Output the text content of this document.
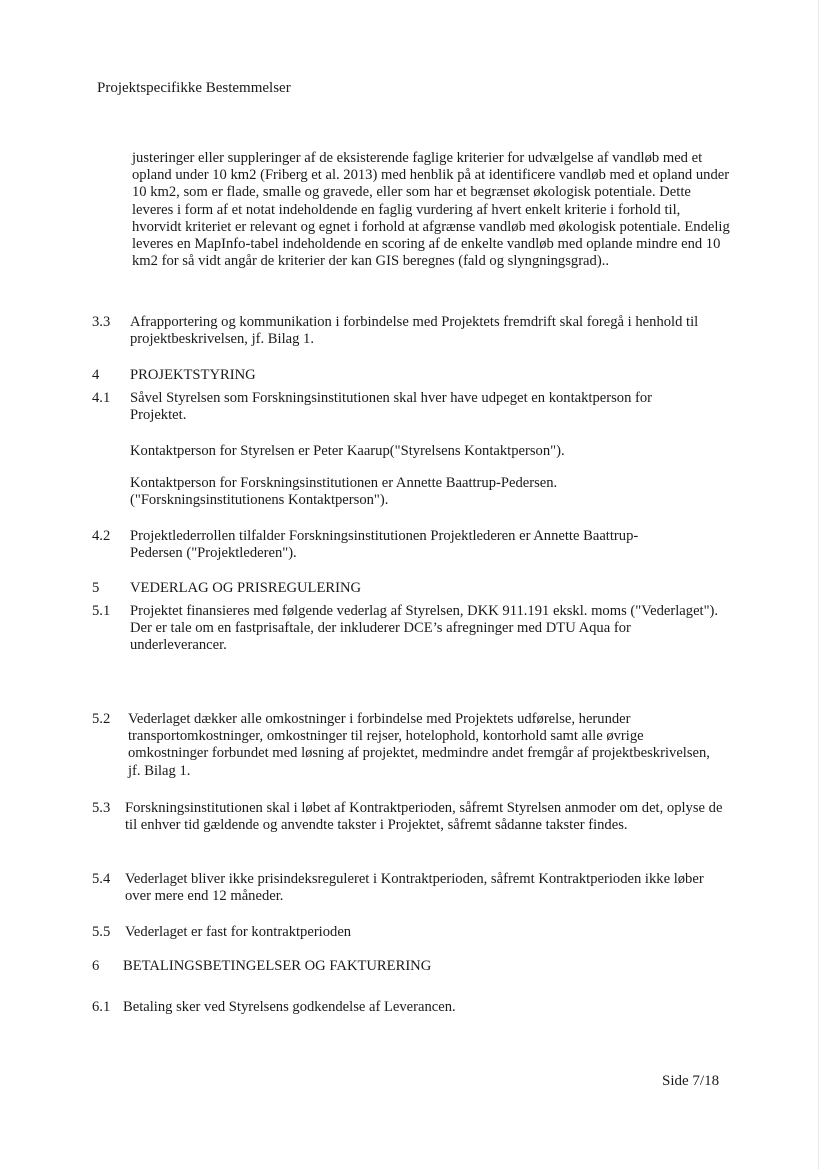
Projektspecifikke Bestemmelser

justeringer eller suppleringer af de eksisterende faglige kriterier for udvælgelse af vandløb med et opland under 10 km2 (Friberg et al. 2013) med henblik på at identificere vandløb med et opland under 10 km2, som er flade, smalle og gravede, eller som har et begrænset økologisk potentiale. Dette leveres i form af et notat indeholdende en faglig vurdering af hvert enkelt kriterie i forhold til, hvorvidt kriteriet er relevant og egnet i forhold at afgrænse vandløb med økologisk potentiale. Endelig leveres en MapInfo-tabel indeholdende en scoring af de enkelte vandløb med oplande mindre end 10 km2 for så vidt angår de kriterier der kan GIS beregnes (fald og slyngningsgrad)..

3.3 Afrapportering og kommunikation i forbindelse med Projektets fremdrift skal foregå i henhold til projektbeskrivelsen, jf. Bilag 1.

4 PROJEKTSTYRING
4.1 Såvel Styrelsen som Forskningsinstitutionen skal hver have udpeget en kontaktperson for Projektet.

Kontaktperson for Styrelsen er Peter Kaarup("Styrelsens Kontaktperson").

Kontaktperson for Forskningsinstitutionen er Annette Baattrup-Pedersen. ("Forskningsinstitutionens Kontaktperson").

4.2 Projektlederrollen tilfalder Forskningsinstitutionen Projektlederen er Annette Baattrup-Pedersen ("Projektlederen").

5 VEDERLAG OG PRISREGULERING
5.1 Projektet finansieres med følgende vederlag af Styrelsen, DKK 911.191 ekskl. moms ("Vederlaget"). Der er tale om en fastprisaftale, der inkluderer DCE’s afregninger med DTU Aqua for underleverancer.

5.2 Vederlaget dækker alle omkostninger i forbindelse med Projektets udførelse, herunder transportomkostninger, omkostninger til rejser, hotelophold, kontorhold samt alle øvrige omkostninger forbundet med løsning af projektet, medmindre andet fremgår af projektbeskrivelsen, jf. Bilag 1.

5.3 Forskningsinstitutionen skal i løbet af Kontraktperioden, såfremt Styrelsen anmoder om det, oplyse de til enhver tid gældende og anvendte takster i Projektet, såfremt sådanne takster findes.

5.4 Vederlaget bliver ikke prisindeksreguleret i Kontraktperioden, såfremt Kontraktperioden ikke løber over mere end 12 måneder.

5.5 Vederlaget er fast for kontraktperioden

6 BETALINGSBETINGELSER OG FAKTURERING
6.1 Betaling sker ved Styrelsens godkendelse af Leverancen.

Side 7/18
